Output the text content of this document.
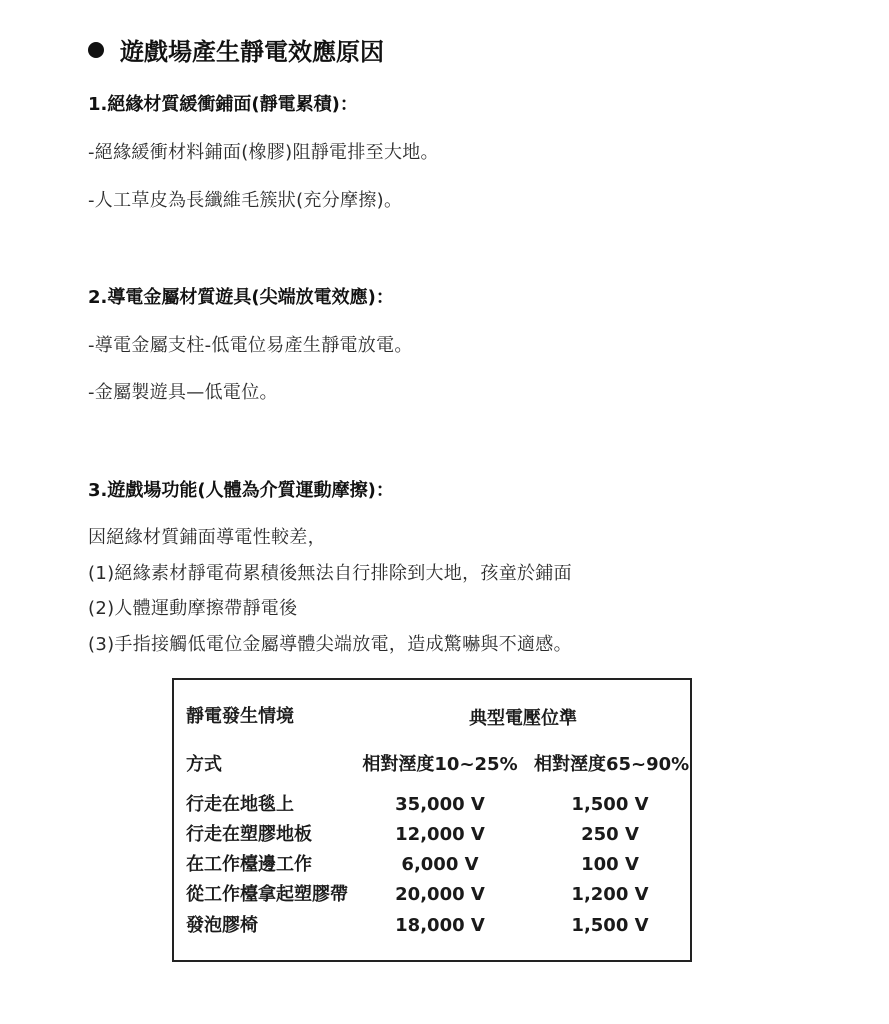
遊戲場產生靜電效應原因
1.絕緣材質緩衝鋪面(靜電累積)：
-絕緣緩衝材料鋪面(橡膠)阻靜電排至大地。
-人工草皮為長纖維毛簇狀(充分摩擦)。
2.導電金屬材質遊具(尖端放電效應)：
-導電金屬支柱-低電位易產生靜電放電。
-金屬製遊具—低電位。
3.遊戲場功能(人體為介質運動摩擦)：
因絕緣材質鋪面導電性較差，
(1)絕緣素材靜電荷累積後無法自行排除到大地，孩童於鋪面
(2)人體運動摩擦帶靜電後
(3)手指接觸低電位金屬導體尖端放電，造成驚嚇與不適感。
靜電發生情境	典型電壓位準
方式	相對溼度10~25% 相對溼度65~90%
行走在地毯上	35,000 V	1,500 V
行走在塑膠地板	12,000 V	250 V
在工作檯邊工作	6,000 V	100 V
從工作檯拿起塑膠帶	20,000 V	1,200 V
發泡膠椅	18,000 V	1,500 V
